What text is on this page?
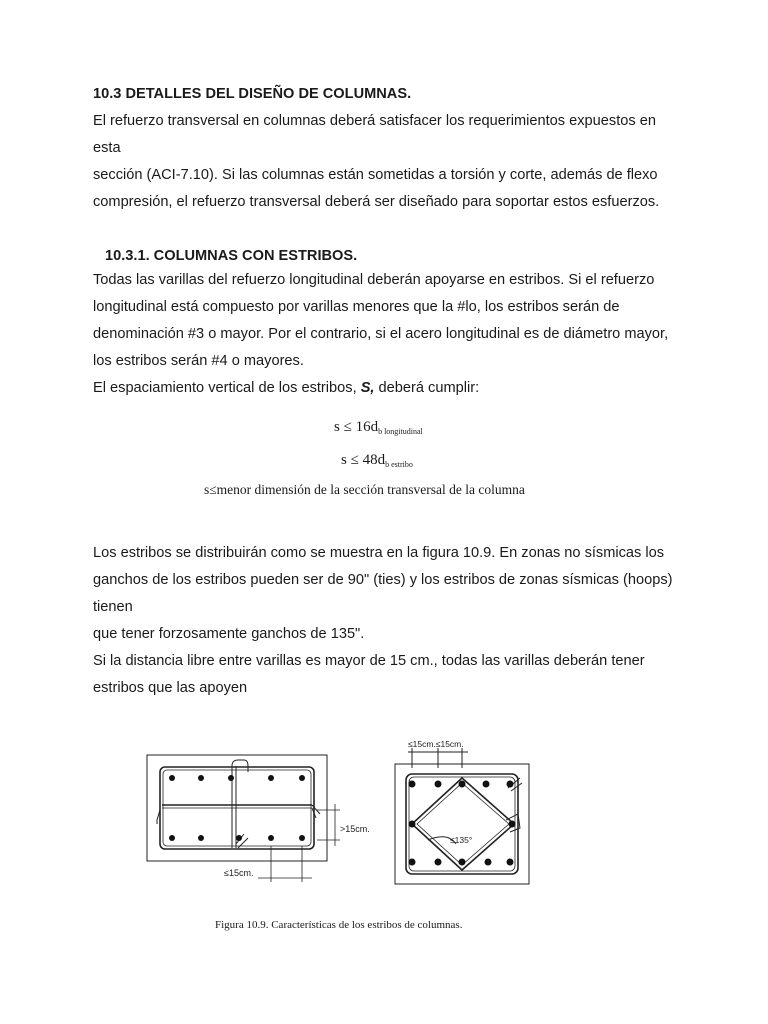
10.3 DETALLES DEL DISEÑO DE COLUMNAS.
El refuerzo transversal en columnas deberá satisfacer los requerimientos expuestos en
esta
sección (ACI-7.10). Si las columnas están sometidas a torsión y corte, además de flexo
compresión, el refuerzo transversal deberá ser diseñado para soportar estos esfuerzos.
10.3.1. COLUMNAS CON ESTRIBOS.
Todas las varillas del refuerzo longitudinal deberán apoyarse en estribos. Si el refuerzo
longitudinal está compuesto por varillas menores que la #lo, los estribos serán de
denominación #3 o mayor. Por el contrario, si el acero longitudinal es de diámetro mayor,
los estribos serán #4 o mayores.
El espaciamiento vertical de los estribos, S, deberá cumplir:
$s \le 16d_{b longitudinal}$
$s \le 48d_{b estribo}$
s≤menor dimensión de la sección transversal de la columna
Los estribos se distribuirán como se muestra en la figura 10.9. En zonas no sísmicas los
ganchos de los estribos pueden ser de 90" (ties) y los estribos de zonas sísmicas (hoops)
tienen
que tener forzosamente ganchos de 135".
Si la distancia libre entre varillas es mayor de 15 cm., todas las varillas deberán tener
estribos que las apoyen
>15cm.
≤15cm.
≤15cm.≤15cm.
≤135°
Figura 10.9. Características de los estribos de columnas.
